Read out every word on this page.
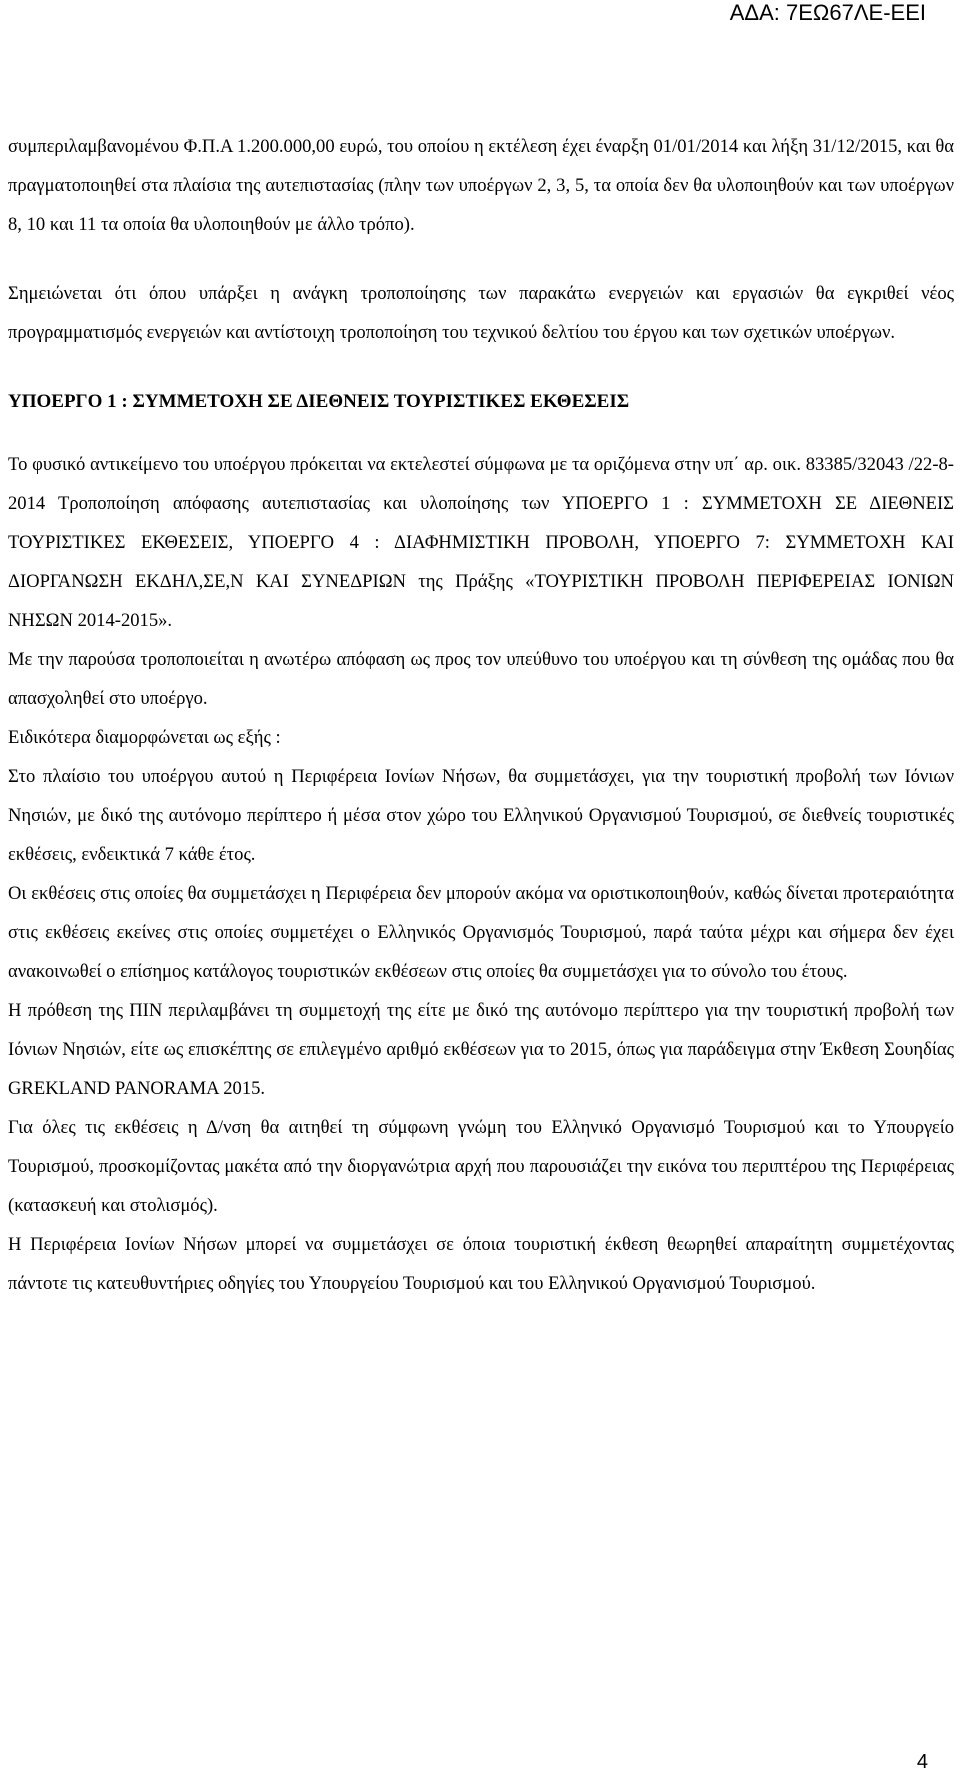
ΑΔΑ: 7ΕΩ67ΛΕ-ΕΕΙ

συμπεριλαμβανομένου Φ.Π.Α 1.200.000,00 ευρώ, του οποίου η εκτέλεση έχει έναρξη 01/01/2014 και λήξη 31/12/2015, και θα πραγματοποιηθεί στα πλαίσια της αυτεπιστασίας (πλην των υποέργων 2, 3, 5, τα οποία δεν θα υλοποιηθούν και των υποέργων 8, 10 και 11 τα οποία θα υλοποιηθούν με άλλο τρόπο).

Σημειώνεται ότι όπου υπάρξει η ανάγκη τροποποίησης των παρακάτω ενεργειών και εργασιών θα εγκριθεί νέος προγραμματισμός ενεργειών και αντίστοιχη τροποποίηση του τεχνικού δελτίου του έργου και των σχετικών υποέργων.

ΥΠΟΕΡΓΟ 1 : ΣΥΜΜΕΤΟΧΗ ΣΕ ΔΙΕΘΝΕΙΣ ΤΟΥΡΙΣΤΙΚΕΣ ΕΚΘΕΣΕΙΣ

Το φυσικό αντικείμενο του υποέργου πρόκειται να εκτελεστεί σύμφωνα με τα οριζόμενα στην υπ΄ αρ. οικ. 83385/32043 /22-8-2014 Τροποποίηση απόφασης αυτεπιστασίας και υλοποίησης των ΥΠΟΕΡΓΟ 1 : ΣΥΜΜΕΤΟΧΗ ΣΕ ΔΙΕΘΝΕΙΣ ΤΟΥΡΙΣΤΙΚΕΣ ΕΚΘΕΣΕΙΣ, ΥΠΟΕΡΓΟ 4 : ΔΙΑΦΗΜΙΣΤΙΚΗ ΠΡΟΒΟΛΗ, ΥΠΟΕΡΓΟ 7: ΣΥΜΜΕΤΟΧΗ ΚΑΙ ΔΙΟΡΓΑΝΩΣΗ ΕΚΔΗΛ,ΣΕ,Ν ΚΑΙ ΣΥΝΕΔΡΙΩΝ της Πράξης «ΤΟΥΡΙΣΤΙΚΗ ΠΡΟΒΟΛΗ ΠΕΡΙΦΕΡΕΙΑΣ ΙΟΝΙΩΝ ΝΗΣΩΝ 2014-2015».

Με την παρούσα τροποποιείται η ανωτέρω απόφαση ως προς τον υπεύθυνο του υποέργου και τη σύνθεση της ομάδας που θα απασχοληθεί στο υποέργο.

Ειδικότερα διαμορφώνεται ως εξής :

Στο πλαίσιο του υποέργου αυτού η Περιφέρεια Ιονίων Νήσων, θα συμμετάσχει, για την τουριστική προβολή των Ιόνιων Νησιών, με δικό της αυτόνομο περίπτερο ή μέσα στον χώρο του Ελληνικού Οργανισμού Τουρισμού, σε διεθνείς τουριστικές εκθέσεις, ενδεικτικά 7 κάθε έτος.

Οι εκθέσεις στις οποίες θα συμμετάσχει η Περιφέρεια δεν μπορούν ακόμα να οριστικοποιηθούν, καθώς δίνεται προτεραιότητα στις εκθέσεις εκείνες στις οποίες συμμετέχει ο Ελληνικός Οργανισμός Τουρισμού, παρά ταύτα μέχρι και σήμερα δεν έχει ανακοινωθεί ο επίσημος κατάλογος τουριστικών εκθέσεων στις οποίες θα συμμετάσχει για το σύνολο του έτους.

Η πρόθεση της ΠΙΝ περιλαμβάνει τη συμμετοχή της είτε με δικό της αυτόνομο περίπτερο για την τουριστική προβολή των Ιόνιων Νησιών, είτε ως επισκέπτης σε επιλεγμένο αριθμό εκθέσεων για το 2015, όπως για παράδειγμα στην Έκθεση Σουηδίας GREKLAND PANORAMA 2015.

Για όλες τις εκθέσεις η Δ/νση θα αιτηθεί τη σύμφωνη γνώμη του Ελληνικό Οργανισμό Τουρισμού και το Υπουργείο Τουρισμού, προσκομίζοντας μακέτα από την διοργανώτρια αρχή που παρουσιάζει την εικόνα του περιπτέρου της Περιφέρειας (κατασκευή και στολισμός).

Η Περιφέρεια Ιονίων Νήσων μπορεί να συμμετάσχει σε όποια τουριστική έκθεση θεωρηθεί απαραίτητη συμμετέχοντας πάντοτε τις κατευθυντήριες οδηγίες του Υπουργείου Τουρισμού και του Ελληνικού Οργανισμού Τουρισμού.

4
